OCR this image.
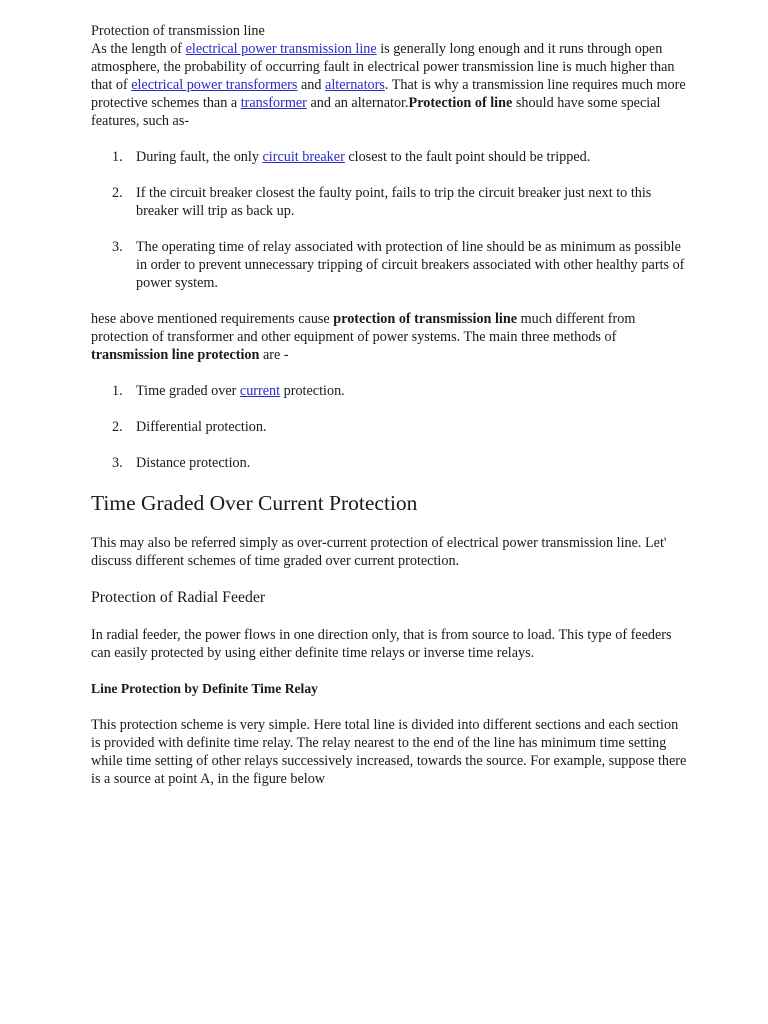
Protection of transmission line

As the length of electrical power transmission line is generally long enough and it runs through open atmosphere, the probability of occurring fault in electrical power transmission line is much higher than that of electrical power transformers and alternators. That is why a transmission line requires much more protective schemes than a transformer and an alternator.Protection of line should have some special features, such as-

1. During fault, the only circuit breaker closest to the fault point should be tripped.
2. If the circuit breaker closest the faulty point, fails to trip the circuit breaker just next to this breaker will trip as back up.
3. The operating time of relay associated with protection of line should be as minimum as possible in order to prevent unnecessary tripping of circuit breakers associated with other healthy parts of power system.

hese above mentioned requirements cause protection of transmission line much different from protection of transformer and other equipment of power systems. The main three methods of transmission line protection are -

1. Time graded over current protection.
2. Differential protection.
3. Distance protection.
Time Graded Over Current Protection

This may also be referred simply as over-current protection of electrical power transmission line. Let' discuss different schemes of time graded over current protection.

Protection of Radial Feeder

In radial feeder, the power flows in one direction only, that is from source to load. This type of feeders can easily protected by using either definite time relays or inverse time relays.

Line Protection by Definite Time Relay

This protection scheme is very simple. Here total line is divided into different sections and each section is provided with definite time relay. The relay nearest to the end of the line has minimum time setting while time setting of other relays successively increased, towards the source. For example, suppose there is a source at point A, in the figure below
